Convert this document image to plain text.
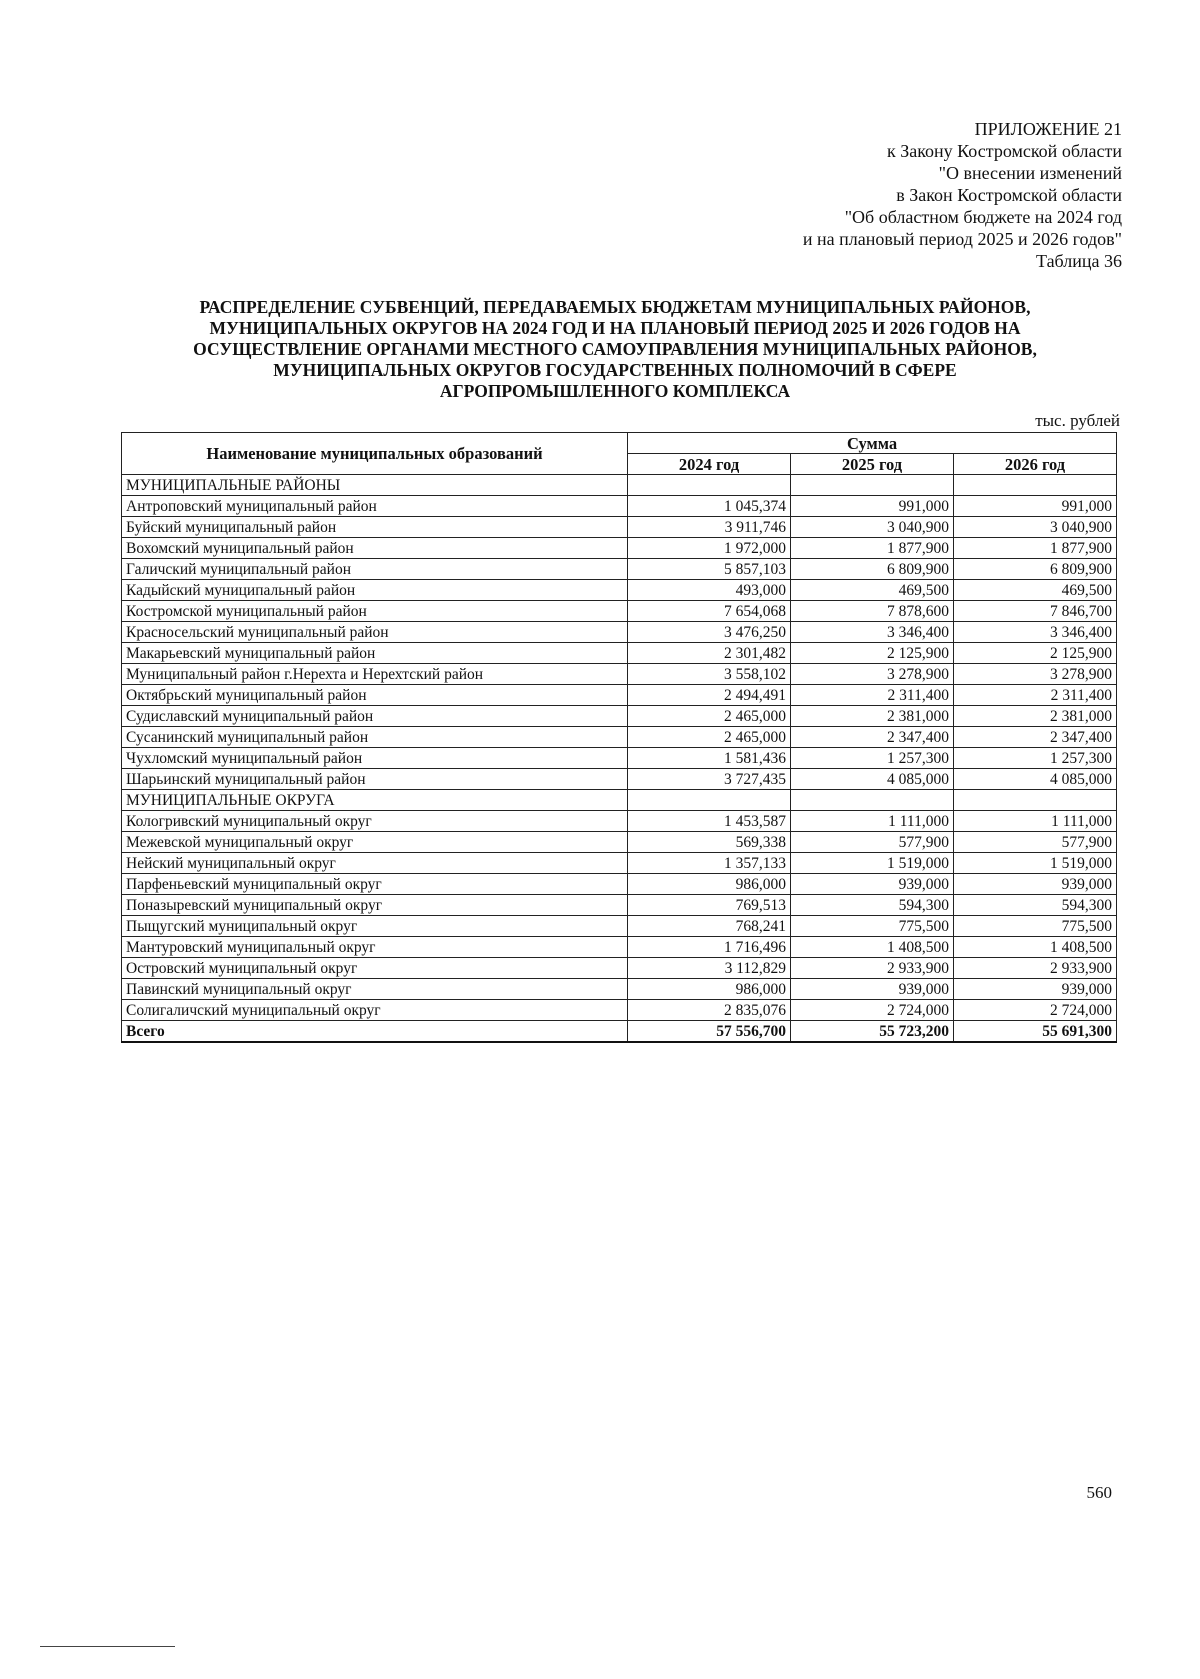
ПРИЛОЖЕНИЕ 21
к Закону Костромской области
"О внесении изменений
в Закон Костромской области
"Об областном бюджете на 2024 год
и на плановый период 2025 и 2026 годов"
Таблица 36
РАСПРЕДЕЛЕНИЕ СУБВЕНЦИЙ, ПЕРЕДАВАЕМЫХ БЮДЖЕТАМ МУНИЦИПАЛЬНЫХ РАЙОНОВ,
МУНИЦИПАЛЬНЫХ ОКРУГОВ НА 2024 ГОД И НА ПЛАНОВЫЙ ПЕРИОД 2025 И 2026 ГОДОВ НА
ОСУЩЕСТВЛЕНИЕ ОРГАНАМИ МЕСТНОГО САМОУПРАВЛЕНИЯ МУНИЦИПАЛЬНЫХ РАЙОНОВ,
МУНИЦИПАЛЬНЫХ ОКРУГОВ ГОСУДАРСТВЕННЫХ ПОЛНОМОЧИЙ В СФЕРЕ
АГРОПРОМЫШЛЕННОГО КОМПЛЕКСА
тыс. рублей
Наименование муниципальных образований	Сумма		
	2024 год	2025 год	2026 год
МУНИЦИПАЛЬНЫЕ РАЙОНЫ			
Антроповский муниципальный район	1 045,374	991,000	991,000
Буйский муниципальный район	3 911,746	3 040,900	3 040,900
Вохомский муниципальный район	1 972,000	1 877,900	1 877,900
Галичский муниципальный район	5 857,103	6 809,900	6 809,900
Кадыйский муниципальный район	493,000	469,500	469,500
Костромской муниципальный район	7 654,068	7 878,600	7 846,700
Красносельский муниципальный район	3 476,250	3 346,400	3 346,400
Макарьевский муниципальный район	2 301,482	2 125,900	2 125,900
Муниципальный район г.Нерехта и Нерехтский район	3 558,102	3 278,900	3 278,900
Октябрьский муниципальный район	2 494,491	2 311,400	2 311,400
Судиславский муниципальный район	2 465,000	2 381,000	2 381,000
Сусанинский муниципальный район	2 465,000	2 347,400	2 347,400
Чухломский муниципальный район	1 581,436	1 257,300	1 257,300
Шарьинский муниципальный район	3 727,435	4 085,000	4 085,000
МУНИЦИПАЛЬНЫЕ ОКРУГА			
Кологривский муниципальный округ	1 453,587	1 111,000	1 111,000
Межевской муниципальный округ	569,338	577,900	577,900
Нейский муниципальный округ	1 357,133	1 519,000	1 519,000
Парфеньевский муниципальный округ	986,000	939,000	939,000
Поназыревский муниципальный округ	769,513	594,300	594,300
Пыщугский муниципальный округ	768,241	775,500	775,500
Мантуровский муниципальный округ	1 716,496	1 408,500	1 408,500
Островский муниципальный округ	3 112,829	2 933,900	2 933,900
Павинский муниципальный округ	986,000	939,000	939,000
Солигаличский муниципальный округ	2 835,076	2 724,000	2 724,000
Всего	57 556,700	55 723,200	55 691,300
560
